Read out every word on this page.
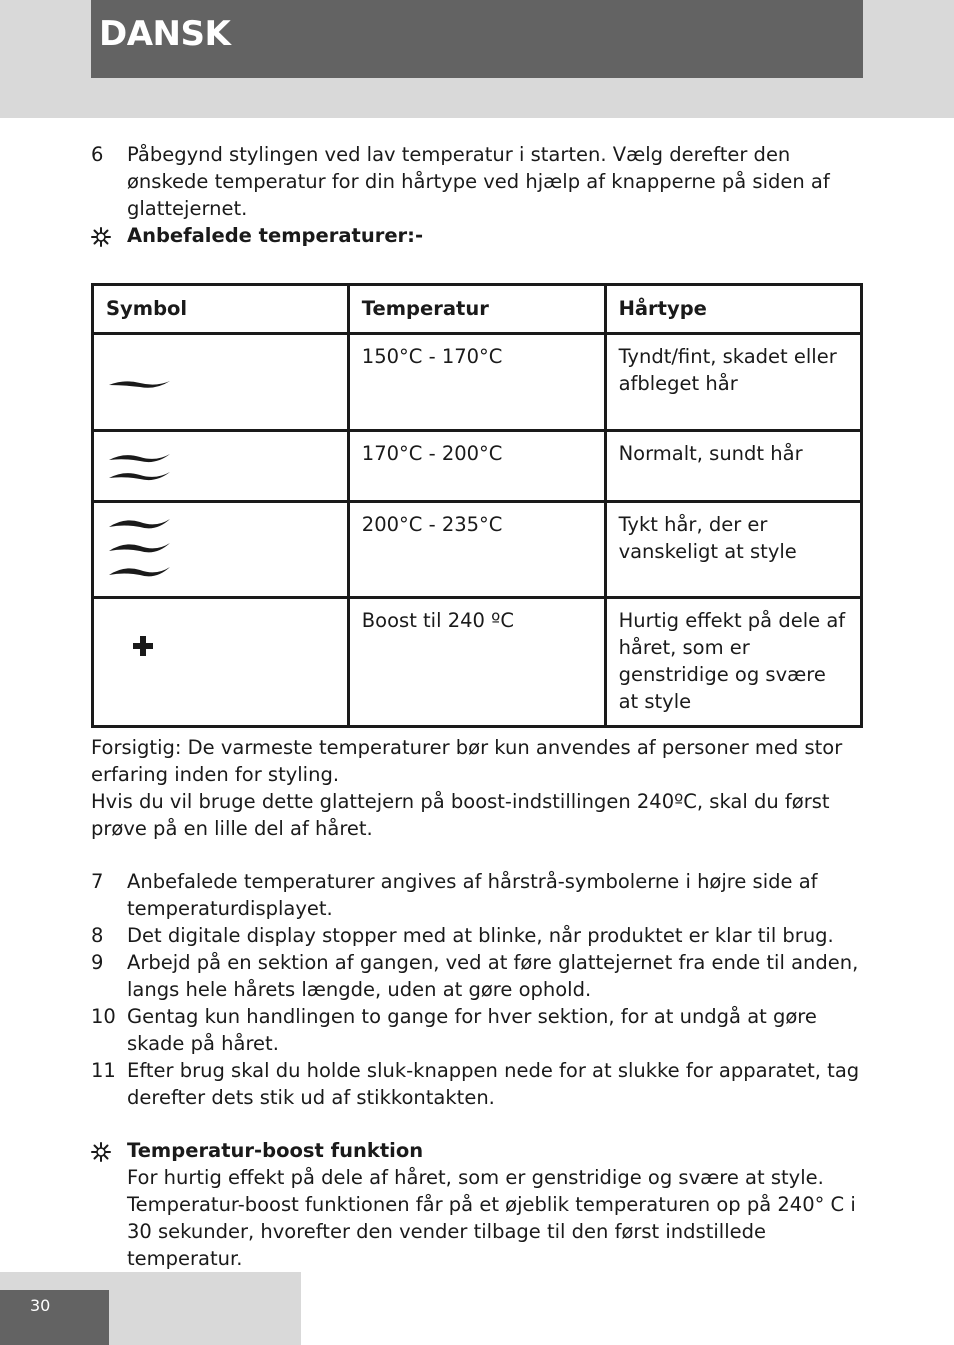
DANSK
6 Påbegynd stylingen ved lav temperatur i starten. Vælg derefter den ønskede temperatur for din hårtype ved hjælp af knapperne på siden af glattejernet.
Anbefalede temperaturer:-
Symbol	Temperatur	Hårtype

	150°C - 170°C	Tyndt/fint, skadet eller afbleget hår

	170°C - 200°C	Normalt, sundt hår

	200°C - 235°C	Tykt hår, der er vanskeligt at style

	Boost til 240 ºC	Hurtig effekt på dele af håret, som er genstridige og svære at style
Forsigtig: De varmeste temperaturer bør kun anvendes af personer med stor erfaring inden for styling.
Hvis du vil bruge dette glattejern på boost-indstillingen 240ºC, skal du først prøve på en lille del af håret.
7 Anbefalede temperaturer angives af hårstrå-symbolerne i højre side af temperaturdisplayet.
8 Det digitale display stopper med at blinke, når produktet er klar til brug.
9 Arbejd på en sektion af gangen, ved at føre glattejernet fra ende til anden, langs hele hårets længde, uden at gøre ophold.
10 Gentag kun handlingen to gange for hver sektion, for at undgå at gøre skade på håret.
11 Efter brug skal du holde sluk-knappen nede for at slukke for apparatet, tag derefter dets stik ud af stikkontakten.
Temperatur-boost funktion
For hurtig effekt på dele af håret, som er genstridige og svære at style.
Temperatur-boost funktionen får på et øjeblik temperaturen op på 240° C i 30 sekunder, hvorefter den vender tilbage til den først indstillede temperatur.
30
